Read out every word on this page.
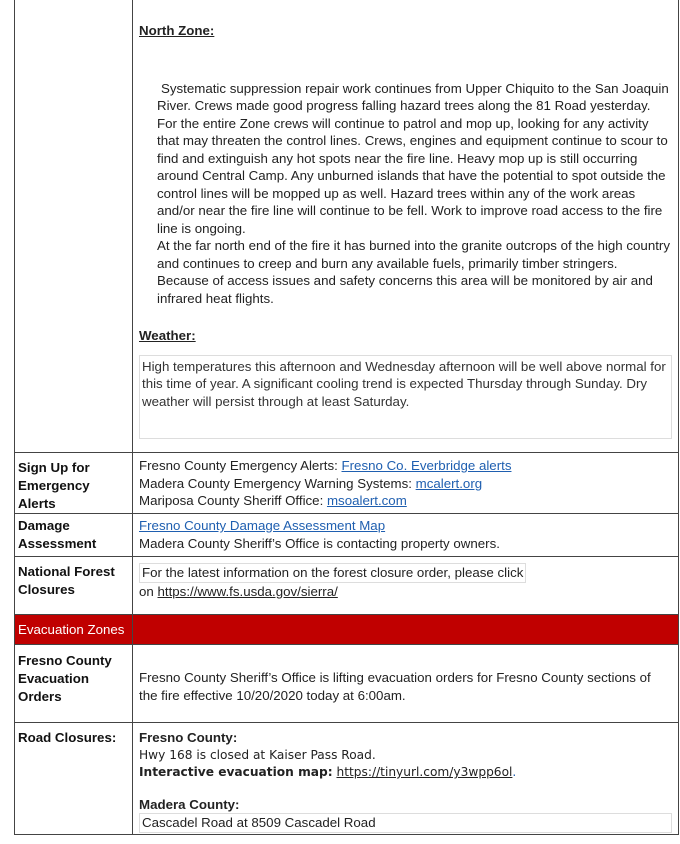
North Zone:
Systematic suppression repair work continues from Upper Chiquito to the San Joaquin River. Crews made good progress falling hazard trees along the 81 Road yesterday. For the entire Zone crews will continue to patrol and mop up, looking for any activity that may threaten the control lines. Crews, engines and equipment continue to scour to find and extinguish any hot spots near the fire line. Heavy mop up is still occurring around Central Camp. Any unburned islands that have the potential to spot outside the control lines will be mopped up as well. Hazard trees within any of the work areas and/or near the fire line will continue to be fell. Work to improve road access to the fire line is ongoing.
At the far north end of the fire it has burned into the granite outcrops of the high country and continues to creep and burn any available fuels, primarily timber stringers. Because of access issues and safety concerns this area will be monitored by air and infrared heat flights.
Weather:
High temperatures this afternoon and Wednesday afternoon will be well above normal for this time of year. A significant cooling trend is expected Thursday through Sunday. Dry weather will persist through at least Saturday.
Sign Up for Emergency Alerts
Fresno County Emergency Alerts: Fresno Co. Everbridge alerts
Madera County Emergency Warning Systems: mcalert.org
Mariposa County Sheriff Office: msoalert.com
Damage Assessment
Fresno County Damage Assessment Map
Madera County Sheriff’s Office is contacting property owners.
National Forest Closures
For the latest information on the forest closure order, please click
on https://www.fs.usda.gov/sierra/
Evacuation Zones
Fresno County Evacuation Orders
Fresno County Sheriff’s Office is lifting evacuation orders for Fresno County sections of the fire effective 10/20/2020 today at 6:00am.
Road Closures:	Fresno County:
Hwy 168 is closed at Kaiser Pass Road.
Interactive evacuation map: https://tinyurl.com/y3wpp6ol.
Madera County:
Cascadel Road at 8509 Cascadel Road
